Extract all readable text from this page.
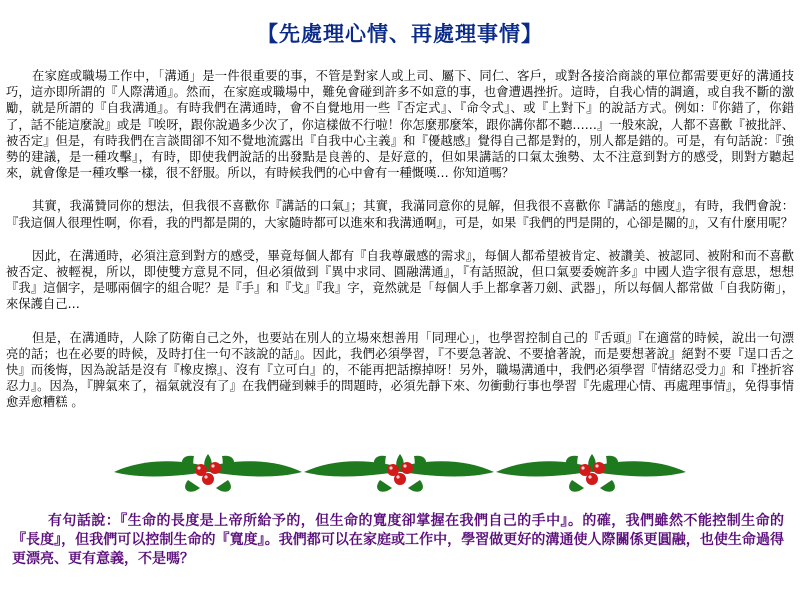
【先處理心情、再處理事情】

在家庭或職場工作中，「溝通」是一件很重要的事，不管是對家人或上司、屬下、同仁、客戶，或對各接洽商談的單位都需要更好的溝通技巧，這亦即所謂的『人際溝通』。然而，在家庭或職場中，難免會碰到許多不如意的事，也會遭遇挫折。這時，自我心情的調適，或自我不斷的激勵，就是所謂的『自我溝通』。有時我們在溝通時，會不自覺地用一些『否定式』、『命令式』、或『上對下』的說話方式。例如：『你錯了，你錯了，話不能這麼說』或是『唉呀，跟你說過多少次了，你這樣做不行啦！你怎麼那麼笨，跟你講你都不聽……』一般來說，人都不喜歡『被批評、被否定』但是，有時我們在言談間卻不知不覺地流露出『自我中心主義』和『優越感』覺得自己都是對的，別人都是錯的。可是，有句話說：『強勢的建議，是一種攻擊』，有時，即使我們說話的出發點是良善的、是好意的，但如果講話的口氣太強勢、太不注意到對方的感受，則對方聽起來，就會像是一種攻擊一樣，很不舒服。所以，有時候我們的心中會有一種慨嘆… 你知道嗎？

其實，我滿贊同你的想法，但我很不喜歡你『講話的口氣』；其實，我滿同意你的見解，但我很不喜歡你『講話的態度』，有時，我們會說：『我這個人很理性啊，你看，我的門都是開的，大家隨時都可以進來和我溝通啊』，可是，如果『我們的門是開的，心卻是關的』，又有什麼用呢？

因此，在溝通時，必須注意到對方的感受，畢竟每個人都有『自我尊嚴感的需求』，每個人都希望被肯定、被讚美、被認同、被附和而不喜歡被否定、被輕視，所以，即使雙方意見不同，但必須做到『異中求同、圓融溝通』，『有話照說，但口氣要委婉許多』中國人造字很有意思，想想『我』這個字，是哪兩個字的組合呢？是『手』和『戈』『我』字，竟然就是「每個人手上都拿著刀劍、武器」，所以每個人都常做「自我防衛」，來保護自己…

但是，在溝通時，人除了防衛自己之外，也要站在別人的立場來想善用「同理心」，也學習控制自己的『舌頭』『在適當的時候，說出一句漂亮的話；也在必要的時候，及時打住一句不該說的話』。因此，我們必須學習，『不要急著說、不要搶著說，而是要想著說』絕對不要『逞口舌之快』而後悔，因為說話是沒有『橡皮擦』、沒有『立可白』的，不能再把話擦掉呀！另外，職場溝通中，我們必須學習『情緒忍受力』和『挫折容忍力』。因為，『脾氣來了，福氣就沒有了』在我們碰到棘手的問題時，必須先靜下來、勿衝動行事也學習『先處理心情、再處理事情』，免得事情愈弄愈糟糕 。

有句話說：『生命的長度是上帝所給予的，但生命的寬度卻掌握在我們自己的手中』。的確，我們雖然不能控制生命的『長度』，但我們可以控制生命的『寬度』。我們都可以在家庭或工作中，學習做更好的溝通使人際關係更圓融，也使生命過得更漂亮、更有意義，不是嗎？
